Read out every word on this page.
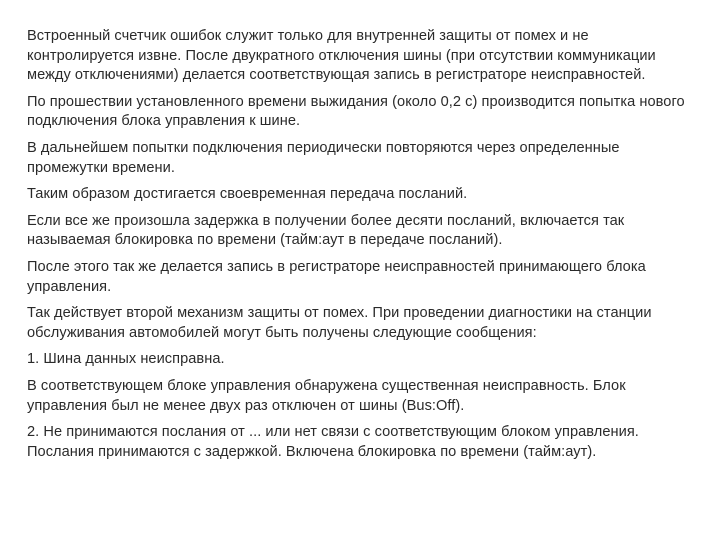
Встроенный счетчик ошибок служит только для внутренней защиты от помех и не контролируется извне. После двукратного отключения шины (при отсутствии коммуникации между отключениями) делается соответствующая запись в регистраторе неисправностей.

По прошествии установленного времени выжидания (около 0,2 с) производится попытка нового подключения блока управления к шине.

В дальнейшем попытки подключения периодически повторяются через определенные промежутки времени.

Таким образом достигается своевременная передача посланий.

Если все же произошла задержка в получении более десяти посланий, включается так называемая блокировка по времени (тайм:аут в передаче посланий).

После этого так же делается запись в регистраторе неисправностей принимающего блока управления.

Так действует второй механизм защиты от помех. При проведении диагностики на станции обслуживания автомобилей могут быть получены следующие сообщения:

1. Шина данных неисправна.

В соответствующем блоке управления обнаружена существенная неисправность. Блок управления был не менее двух раз отключен от шины (Bus:Off).

2. Не принимаются послания от ... или нет связи с соответствующим блоком управления. Послания принимаются с задержкой. Включена блокировка по времени (тайм:аут).
